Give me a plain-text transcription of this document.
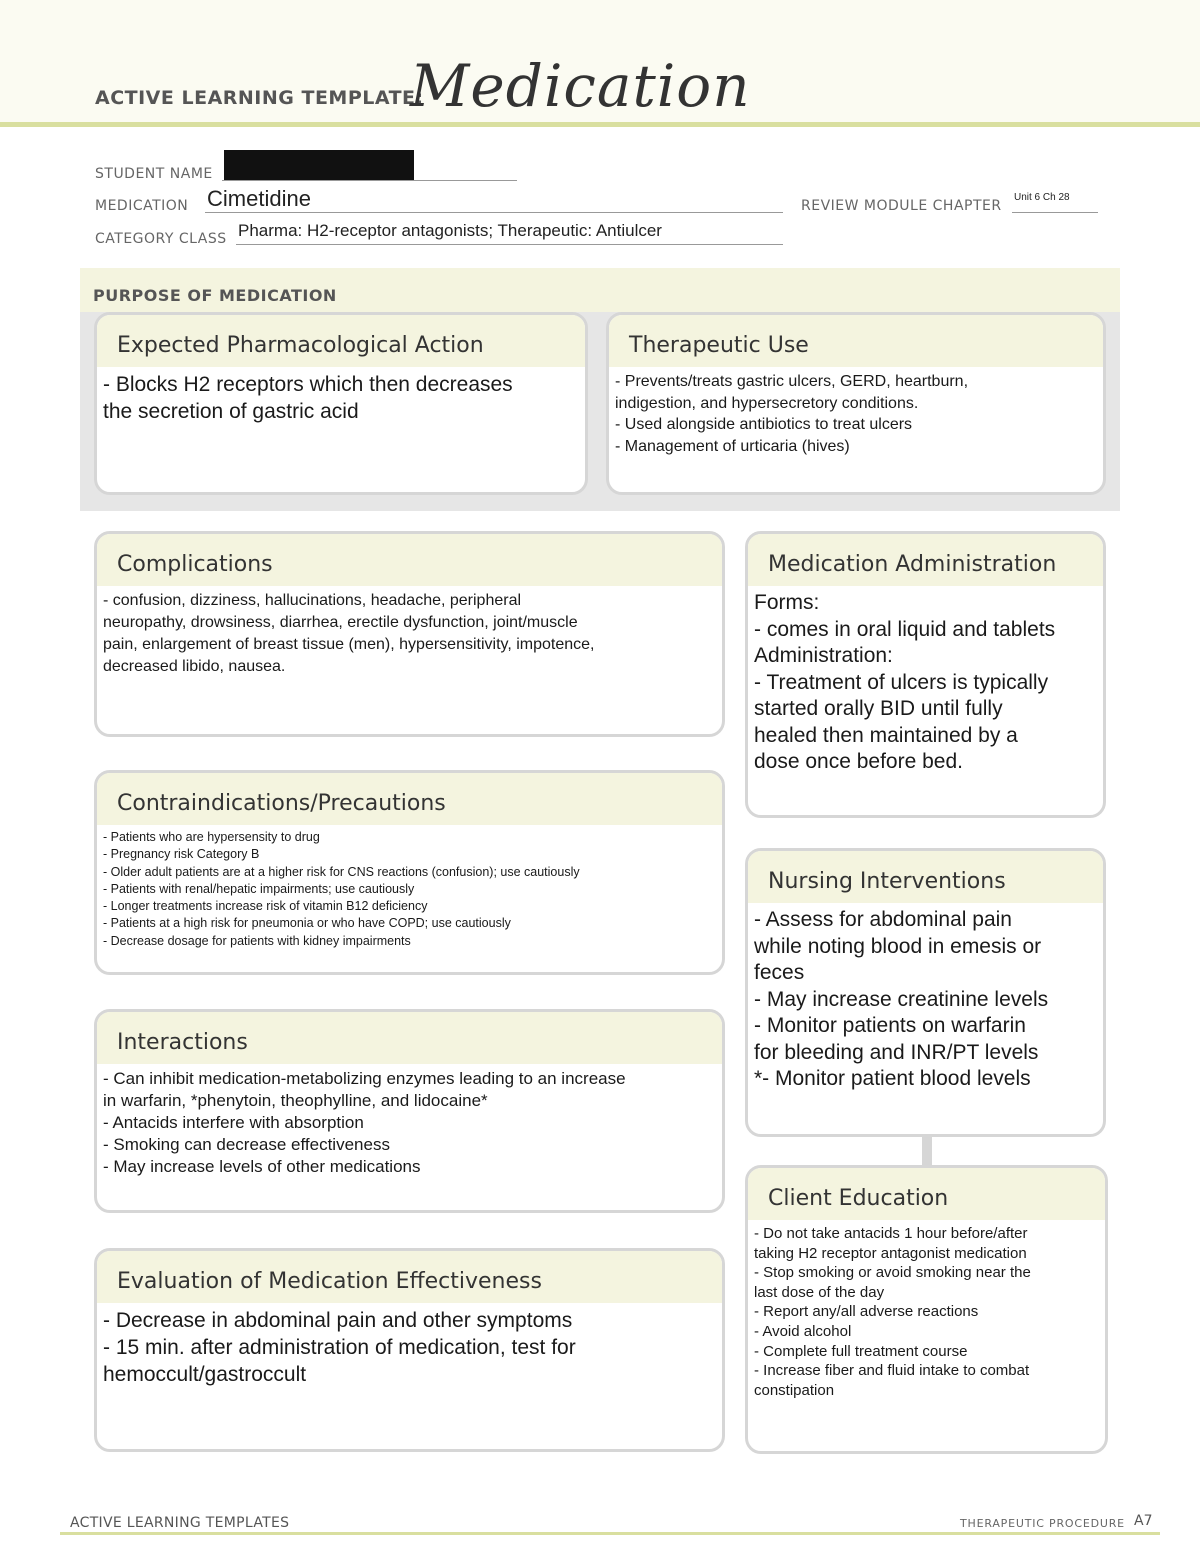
ACTIVE LEARNING TEMPLATE:
Medication
STUDENT NAME
MEDICATION Cimetidine	REVIEW MODULE CHAPTER
Unit 6 Ch 28
CATEGORY CLASS Pharma: H2-receptor antagonists; Therapeutic: Antiulcer
PURPOSE OF MEDICATION
Expected Pharmacological Action
- Blocks H2 receptors which then decreases
the secretion of gastric acid
Therapeutic Use
- Prevents/treats gastric ulcers, GERD, heartburn,
indigestion, and hypersecretory conditions.
- Used alongside antibiotics to treat ulcers
- Management of urticaria (hives)
Complications
- confusion, dizziness, hallucinations, headache, peripheral
neuropathy, drowsiness, diarrhea, erectile dysfunction, joint/muscle
pain, enlargement of breast tissue (men), hypersensitivity, impotence,
decreased libido, nausea.
Contraindications/Precautions
- Patients who are hypersensity to drug
- Pregnancy risk Category B
- Older adult patients are at a higher risk for CNS reactions (confusion); use cautiously
- Patients with renal/hepatic impairments; use cautiously
- Longer treatments increase risk of vitamin B12 deficiency
- Patients at a high risk for pneumonia or who have COPD; use cautiously
- Decrease dosage for patients with kidney impairments
Interactions
- Can inhibit medication-metabolizing enzymes leading to an increase
in warfarin, *phenytoin, theophylline, and lidocaine*
- Antacids interfere with absorption
- Smoking can decrease effectiveness
- May increase levels of other medications
Evaluation of Medication Effectiveness
- Decrease in abdominal pain and other symptoms
- 15 min. after administration of medication, test for
hemoccult/gastroccult
Medication Administration
Forms:
- comes in oral liquid and tablets
Administration:
- Treatment of ulcers is typically
started orally BID until fully
healed then maintained by a
dose once before bed.
Nursing Interventions
- Assess for abdominal pain
while noting blood in emesis or
feces
- May increase creatinine levels
- Monitor patients on warfarin
for bleeding and INR/PT levels
*- Monitor patient blood levels
Client Education
- Do not take antacids 1 hour before/after
taking H2 receptor antagonist medication
- Stop smoking or avoid smoking near the
last dose of the day
- Report any/all adverse reactions
- Avoid alcohol
- Complete full treatment course
- Increase fiber and fluid intake to combat
constipation
ACTIVE LEARNING TEMPLATES	THERAPEUTIC PROCEDURE A7
